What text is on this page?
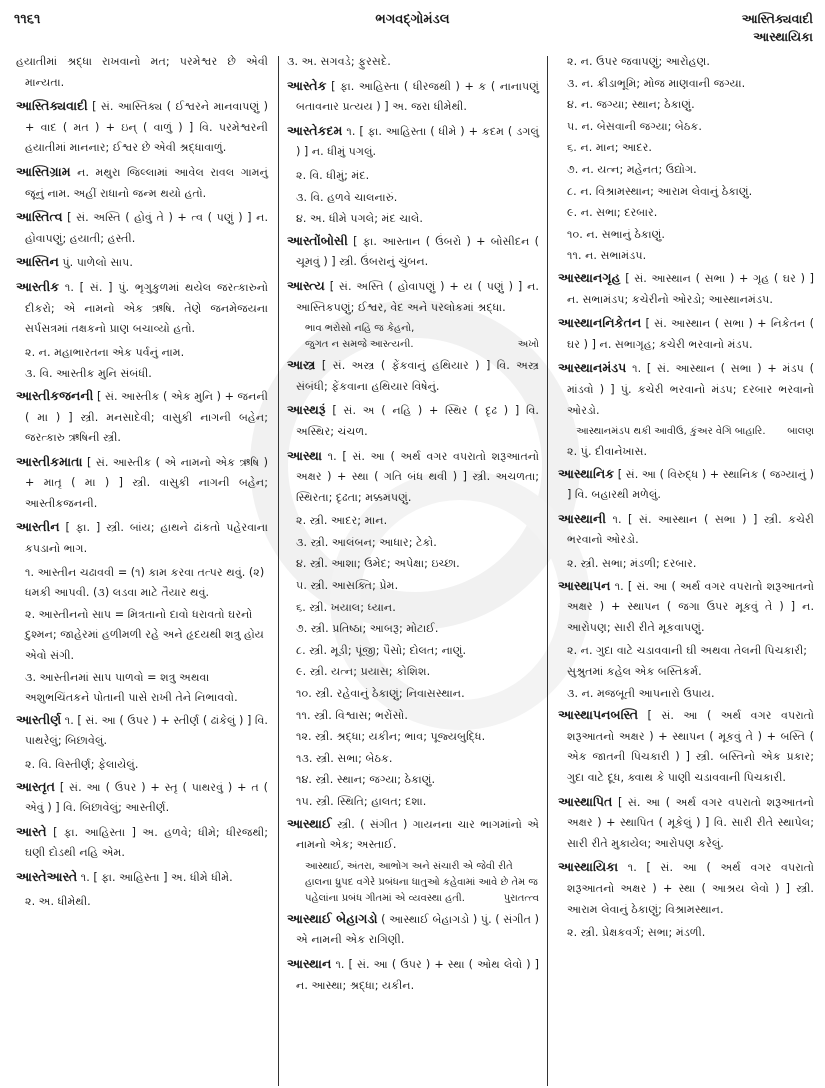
૧૧૬૧	ભગવદ્ગોમંડલ	આસ્તિક્યવાદી
આસ્થાયિકા
હયાતીમાં શ્રદ્ધા રાખવાનો મત; પરમેશ્વર છે એવી માન્યતા.
આસ્તિક્યવાદી [ સં. આસ્તિક્ય ( ઈશ્વરને માનવાપણું ) + વાદ ( મત ) + ઇન્ ( વાળું ) ] વિ. પરમેશ્વરની હયાતીમાં માનનાર; ઈશ્વર છે એવી શ્રદ્ધાવાળું.
આસ્તિગ્રામ ન. મથુરા જિલ્લામાં આવેલ રાવલ ગામનું જૂનું નામ. અહીં રાધાનો જન્મ થયો હતો.
આસ્તિત્વ [ સં. અસ્તિ ( હોવું તે ) + ત્વ ( પણું ) ] ન. હોવાપણું; હયાતી; હસ્તી.
આસ્તિન પું. પાળેલો સાપ.
આસ્તીક ૧. [ સં. ] પું. ભૃગુકુળમાં થયેલ જરત્કારુનો દીકરો; એ નામનો એક ઋષિ. તેણે જનમેજયના સર્પસત્રમાં તક્ષકનો પ્રાણ બચાવ્યો હતો.
૨. ન. મહાભારતના એક પર્વનું નામ.
૩. વિ. આસ્તીક મુનિ સંબંધી.
આસ્તીકજનની [ સં. આસ્તીક ( એક મુનિ ) + જનની ( મા ) ] સ્ત્રી. મનસાદેવી; વાસુકી નાગની બહેન; જરત્કારુ ઋષિની સ્ત્રી.
આસ્તીકમાતા [ સં. આસ્તીક ( એ નામનો એક ઋષિ ) + માતૃ ( મા ) ] સ્ત્રી. વાસુકી નાગની બહેન; આસ્તીકજનની.
આસ્તીન [ ફા. ] સ્ત્રી. બાંય; હાથને ઢાંકતો પહેરવાના કપડાનો ભાગ.
૧. આસ્તીન ચઢાવવી = (૧) કામ કરવા તત્પર થવું. (૨) ધમકી આપવી. (૩) લડવા માટે તૈયાર થવું.
૨. આસ્તીનનો સાપ = મિત્રતાનો દાવો ધરાવતો ઘરનો દુશ્મન; જાહેરમાં હળીમળી રહે અને હૃદયથી શત્રુ હોય એવો સંગી.
૩. આસ્તીનમાં સાપ પાળવો = શત્રુ અથવા અશુભચિંતકને પોતાની પાસે રાખી તેને નિભાવવો.
આસ્તીર્ણ ૧. [ સં. આ ( ઉપર ) + સ્તીર્ણ ( ઢાંકેલું ) ] વિ. પાથરેલું; બિછાવેલું.
૨. વિ. વિસ્તીર્ણ; ફેલાયેલું.
આસ્તૃત [ સં. આ ( ઉપર ) + સ્તૃ ( પાથરવું ) + ત ( એવું ) ] વિ. બિછાવેલું; આસ્તીર્ણ.
આસ્તે [ ફા. આહિસ્તા ] અ. હળવે; ધીમે; ધીરજથી; ઘણી દોડથી નહિ એમ.
આસ્તેઆસ્તે ૧. [ ફા. આહિસ્તા ] અ. ધીમે ધીમે.
૨. અ. ધીમેથી.
૩. અ. સગવડે; ફુરસદે.
આસ્તેક [ ફા. આહિસ્તા ( ધીરજથી ) + ક ( નાનાપણું બતાવનાર પ્રત્યય ) ] અ. જરા ધીમેથી.
આસ્તેકદમ ૧. [ ફા. આહિસ્તા ( ધીમે ) + કદમ ( ડગલું ) ] ન. ધીમું પગલું.
૨. વિ. ધીમું; મંદ.
૩. વિ. હળવે ચાલનારું.
૪. અ. ધીમે પગલે; મંદ ચાલે.
આસ્તોંબોસી [ ફા. આસ્તાન ( ઉંબરો ) + બોસીદન ( ચૂમવું ) ] સ્ત્રી. ઉંબરાનું ચુંબન.
આસ્ત્ય [ સં. અસ્તિ ( હોવાપણું ) + ય ( પણું ) ] ન. આસ્તિકપણું; ઈશ્વર, વેદ અને પરલોકમાં શ્રદ્ધા.
ભાવ ભરોસો નહિ જ કેહનો,
જુગત ન સમજે આસ્ત્યની.	અખો
આસ્ત્ર [ સં. અસ્ત્ર ( ફેંકવાનું હથિયાર ) ] વિ. અસ્ત્ર સંબંધી; ફેંકવાના હથિયાર વિષેનું.
આસ્થરૂં [ સં. અ ( નહિ ) + સ્થિર ( દૃઢ ) ] વિ. અસ્થિર; ચંચળ.
આસ્થા ૧. [ સં. આ ( અર્થ વગર વપરાતો શરૂઆતનો અક્ષર ) + સ્થા ( ગતિ બંધ થવી ) ] સ્ત્રી. અચળતા; સ્થિરતા; દૃઢતા; મક્કમપણું.
૨. સ્ત્રી. આદર; માન.
૩. સ્ત્રી. આલંબન; આધાર; ટેકો.
૪. સ્ત્રી. આશા; ઉમેદ; અપેક્ષા; ઇચ્છા.
૫. સ્ત્રી. આસક્તિ; પ્રેમ.
૬. સ્ત્રી. ખયાલ; ધ્યાન.
૭. સ્ત્રી. પ્રતિષ્ઠા; આબરૂ; મોટાઈ.
૮. સ્ત્રી. મૂડી; પૂંજી; પૈસો; દોલત; નાણું.
૯. સ્ત્રી. યત્ન; પ્રયાસ; કોશિશ.
૧૦. સ્ત્રી. રહેવાનું ઠેકાણું; નિવાસસ્થાન.
૧૧. સ્ત્રી. વિશ્વાસ; ભરોંસો.
૧૨. સ્ત્રી. શ્રદ્ધા; યકીન; ભાવ; પૂજ્યબુદ્ધિ.
૧૩. સ્ત્રી. સભા; બેઠક.
૧૪. સ્ત્રી. સ્થાન; જગ્યા; ઠેકાણું.
૧૫. સ્ત્રી. સ્થિતિ; હાલત; દશા.
આસ્થાઈ સ્ત્રી. ( સંગીત ) ગાયનના ચાર ભાગમાંનો એ નામનો એક; અસ્તાઈ.
આસ્થાઈ, અંતરા, આભોગ અને સંચારી એ જેવી રીતે હાલના ધ્રુપદ વગેરે પ્રબંધના ધાતુઓ કહેવામાં આવે છે તેમ જ પહેલાંના પ્રબંધ ગીતમાં એ વ્યવસ્થા હતી.	પુરાતત્ત્વ
આસ્થાઈ બેહાગડો ( આસ્થાઈ બેહાગડો ) પું. ( સંગીત ) એ નામની એક રાગિણી.
આસ્થાન ૧. [ સં. આ ( ઉપર ) + સ્થા ( ઓથ લેવો ) ] ન. આસ્થા; શ્રદ્ધા; યકીન.
૨. ન. ઉપર જવાપણું; આરોહણ.
૩. ન. ક્રીડાભૂમિ; મોજ માણવાની જગ્યા.
૪. ન. જગ્યા; સ્થાન; ઠેકાણું.
૫. ન. બેસવાની જગ્યા; બેઠક.
૬. ન. માન; આદર.
૭. ન. યત્ન; મહેનત; ઉદ્યોગ.
૮. ન. વિશ્રામસ્થાન; આરામ લેવાનું ઠેકાણું.
૯. ન. સભા; દરબાર.
૧૦. ન. સભાનું ઠેકાણું.
૧૧. ન. સભામંડપ.
આસ્થાનગૃહ [ સં. આસ્થાન ( સભા ) + ગૃહ ( ઘર ) ] ન. સભામંડપ; કચેરીનો ઓરડો; આસ્થાનમંડપ.
આસ્થાનનિકેતન [ સં. આસ્થાન ( સભા ) + નિકેતન ( ઘર ) ] ન. સભાગૃહ; કચેરી ભરવાનો મંડપ.
આસ્થાનમંડપ ૧. [ સં. આસ્થાન ( સભા ) + મંડપ ( માંડવો ) ] પું. કચેરી ભરવાનો મંડપ; દરબાર ભરવાનો ઓરડો.
આસ્થાનમંડપ થકી આવીઉ, કુંઅર વેગિ બાહારિ. બાલણ
૨. પું. દીવાનેખાસ.
આસ્થાનિક [ સં. આ ( વિરુદ્ધ ) + સ્થાનિક ( જગ્યાનું ) ] વિ. બહારથી મળેલું.
આસ્થાની ૧. [ સં. આસ્થાન ( સભા ) ] સ્ત્રી. કચેરી ભરવાનો ઓરડો.
૨. સ્ત્રી. સભા; મંડળી; દરબાર.
આસ્થાપન ૧. [ સં. આ ( અર્થ વગર વપરાતો શરૂઆતનો અક્ષર ) + સ્થાપન ( જગા ઉપર મૂકવું તે ) ] ન. આરોપણ; સારી રીતે મૂકવાપણું.
૨. ન. ગુદા વાટે ચડાવવાની ઘી અથવા તેલની પિચકારી; સુશ્રુતમાં કહેલ એક બસ્તિકર્મ.
૩. ન. મજબૂતી આપનારો ઉપાય.
આસ્થાપનબસ્તિ [ સં. આ ( અર્થ વગર વપરાતો શરૂઆતનો અક્ષર ) + સ્થાપન ( મૂકવું તે ) + બસ્તિ ( એક જાતની પિચકારી ) ] સ્ત્રી. બસ્તિનો એક પ્રકાર; ગુદા વાટે દૂધ, ક્વાથ કે પાણી ચડાવવાની પિચકારી.
આસ્થાપિત [ સં. આ ( અર્થ વગર વપરાતો શરૂઆતનો અક્ષર ) + સ્થાપિત ( મૂકેલું ) ] વિ. સારી રીતે સ્થાપેલ; સારી રીતે મુકાયેલ; આરોપણ કરેલું.
આસ્થાયિકા ૧. [ સં. આ ( અર્થ વગર વપરાતો શરૂઆતનો અક્ષર ) + સ્થા ( આશ્રય લેવો ) ] સ્ત્રી. આરામ લેવાનું ઠેકાણું; વિશ્રામસ્થાન.
૨. સ્ત્રી. પ્રેક્ષકવર્ગ; સભા; મંડળી.
